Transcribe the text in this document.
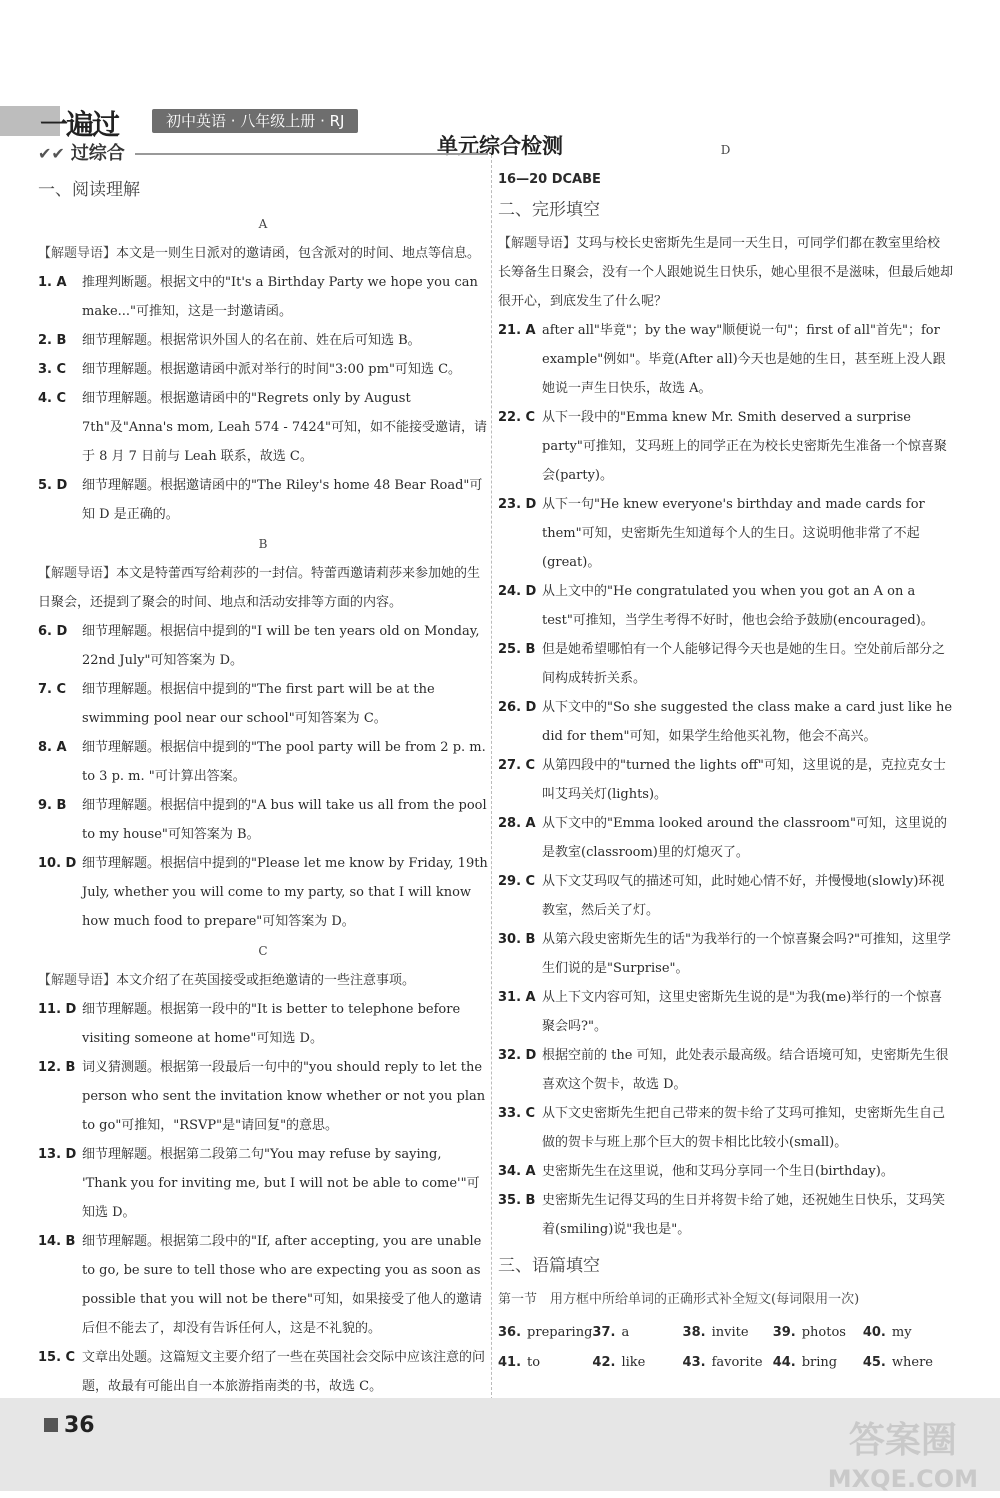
一遍过	初中英语 · 八年级上册 · RJ
单元综合检测
✔✔ 过综合
一、阅读理解
A

【解题导语】本文是一则生日派对的邀请函，包含派对的时间、地点等信息。

1. A	推理判断题。根据文中的"It's a Birthday Party we hope you can make..."可推知，这是一封邀请函。
2. B	细节理解题。根据常识外国人的名在前、姓在后可知选 B。
3. C	细节理解题。根据邀请函中派对举行的时间"3:00 pm"可知选 C。
4. C	细节理解题。根据邀请函中的"Regrets only by August 7th"及"Anna's mom, Leah 574 - 7424"可知，如不能接受邀请，请于 8 月 7 日前与 Leah 联系，故选 C。
5. D	细节理解题。根据邀请函中的"The Riley's home 48 Bear Road"可知 D 是正确的。
B

【解题导语】本文是特蕾西写给莉莎的一封信。特蕾西邀请莉莎来参加她的生日聚会，还提到了聚会的时间、地点和活动安排等方面的内容。

6. D	细节理解题。根据信中提到的"I will be ten years old on Monday, 22nd July"可知答案为 D。
7. C	细节理解题。根据信中提到的"The first part will be at the swimming pool near our school"可知答案为 C。
8. A	细节理解题。根据信中提到的"The pool party will be from 2 p. m. to 3 p. m. "可计算出答案。
9. B	细节理解题。根据信中提到的"A bus will take us all from the pool to my house"可知答案为 B。
10. D 细节理解题。根据信中提到的"Please let me know by Friday, 19th July, whether you will come to my party, so that I will know how much food to prepare"可知答案为 D。
C

【解题导语】本文介绍了在英国接受或拒绝邀请的一些注意事项。

11. D 细节理解题。根据第一段中的"It is better to telephone before visiting someone at home"可知选 D。
12. B 词义猜测题。根据第一段最后一句中的"you should reply to let the person who sent the invitation know whether or not you plan to go"可推知，"RSVP"是"请回复"的意思。
13. D 细节理解题。根据第二段第二句"You may refuse by saying, 'Thank you for inviting me, but I will not be able to come'"可知选 D。
14. B 细节理解题。根据第二段中的"If, after accepting, you are unable to go, be sure to tell those who are expecting you as soon as possible that you will not be there"可知，如果接受了他人的邀请后但不能去了，却没有告诉任何人，这是不礼貌的。
15. C 文章出处题。这篇短文主要介绍了一些在英国社会交际中应该注意的问题，故最有可能出自一本旅游指南类的书，故选 C。
D

16—20 DCABE

二、完形填空

【解题导语】艾玛与校长史密斯先生是同一天生日，可同学们都在教室里给校长筹备生日聚会，没有一个人跟她说生日快乐，她心里很不是滋味，但最后她却很开心，到底发生了什么呢？

21. A after all"毕竟"；by the way"顺便说一句"；first of all"首先"；for example"例如"。毕竟(After all)今天也是她的生日，甚至班上没人跟她说一声生日快乐，故选 A。
22. C 从下一段中的"Emma knew Mr. Smith deserved a surprise party"可推知，艾玛班上的同学正在为校长史密斯先生准备一个惊喜聚会(party)。
23. D 从下一句"He knew everyone's birthday and made cards for them"可知，史密斯先生知道每个人的生日。这说明他非常了不起(great)。
24. D 从上文中的"He congratulated you when you got an A on a test"可推知，当学生考得不好时，他也会给予鼓励(encouraged)。
25. B 但是她希望哪怕有一个人能够记得今天也是她的生日。空处前后部分之间构成转折关系。
26. D 从下文中的"So she suggested the class make a card just like he did for them"可知，如果学生给他买礼物，他会不高兴。
27. C 从第四段中的"turned the lights off"可知，这里说的是，克拉克女士叫艾玛关灯(lights)。
28. A 从下文中的"Emma looked around the classroom"可知，这里说的是教室(classroom)里的灯熄灭了。
29. C 从下文艾玛叹气的描述可知，此时她心情不好，并慢慢地(slowly)环视教室，然后关了灯。
30. B 从第六段史密斯先生的话"为我举行的一个惊喜聚会吗?"可推知，这里学生们说的是"Surprise"。
31. A 从上下文内容可知，这里史密斯先生说的是"为我(me)举行的一个惊喜聚会吗?"。
32. D 根据空前的 the 可知，此处表示最高级。结合语境可知，史密斯先生很喜欢这个贺卡，故选 D。
33. C 从下文史密斯先生把自己带来的贺卡给了艾玛可推知，史密斯先生自己做的贺卡与班上那个巨大的贺卡相比比较小(small)。
34. A 史密斯先生在这里说，他和艾玛分享同一个生日(birthday)。
35. B 史密斯先生记得艾玛的生日并将贺卡给了她，还祝她生日快乐，艾玛笑着(smiling)说"我也是"。
三、语篇填空
第一节　用方框中所给单词的正确形式补全短文(每词限用一次)
36. preparing 37. a	38. invite	39. photos	40. my
41. to	42. like	43. favorite 44. bring	45. where
36	答案圈
MXQE.COM
